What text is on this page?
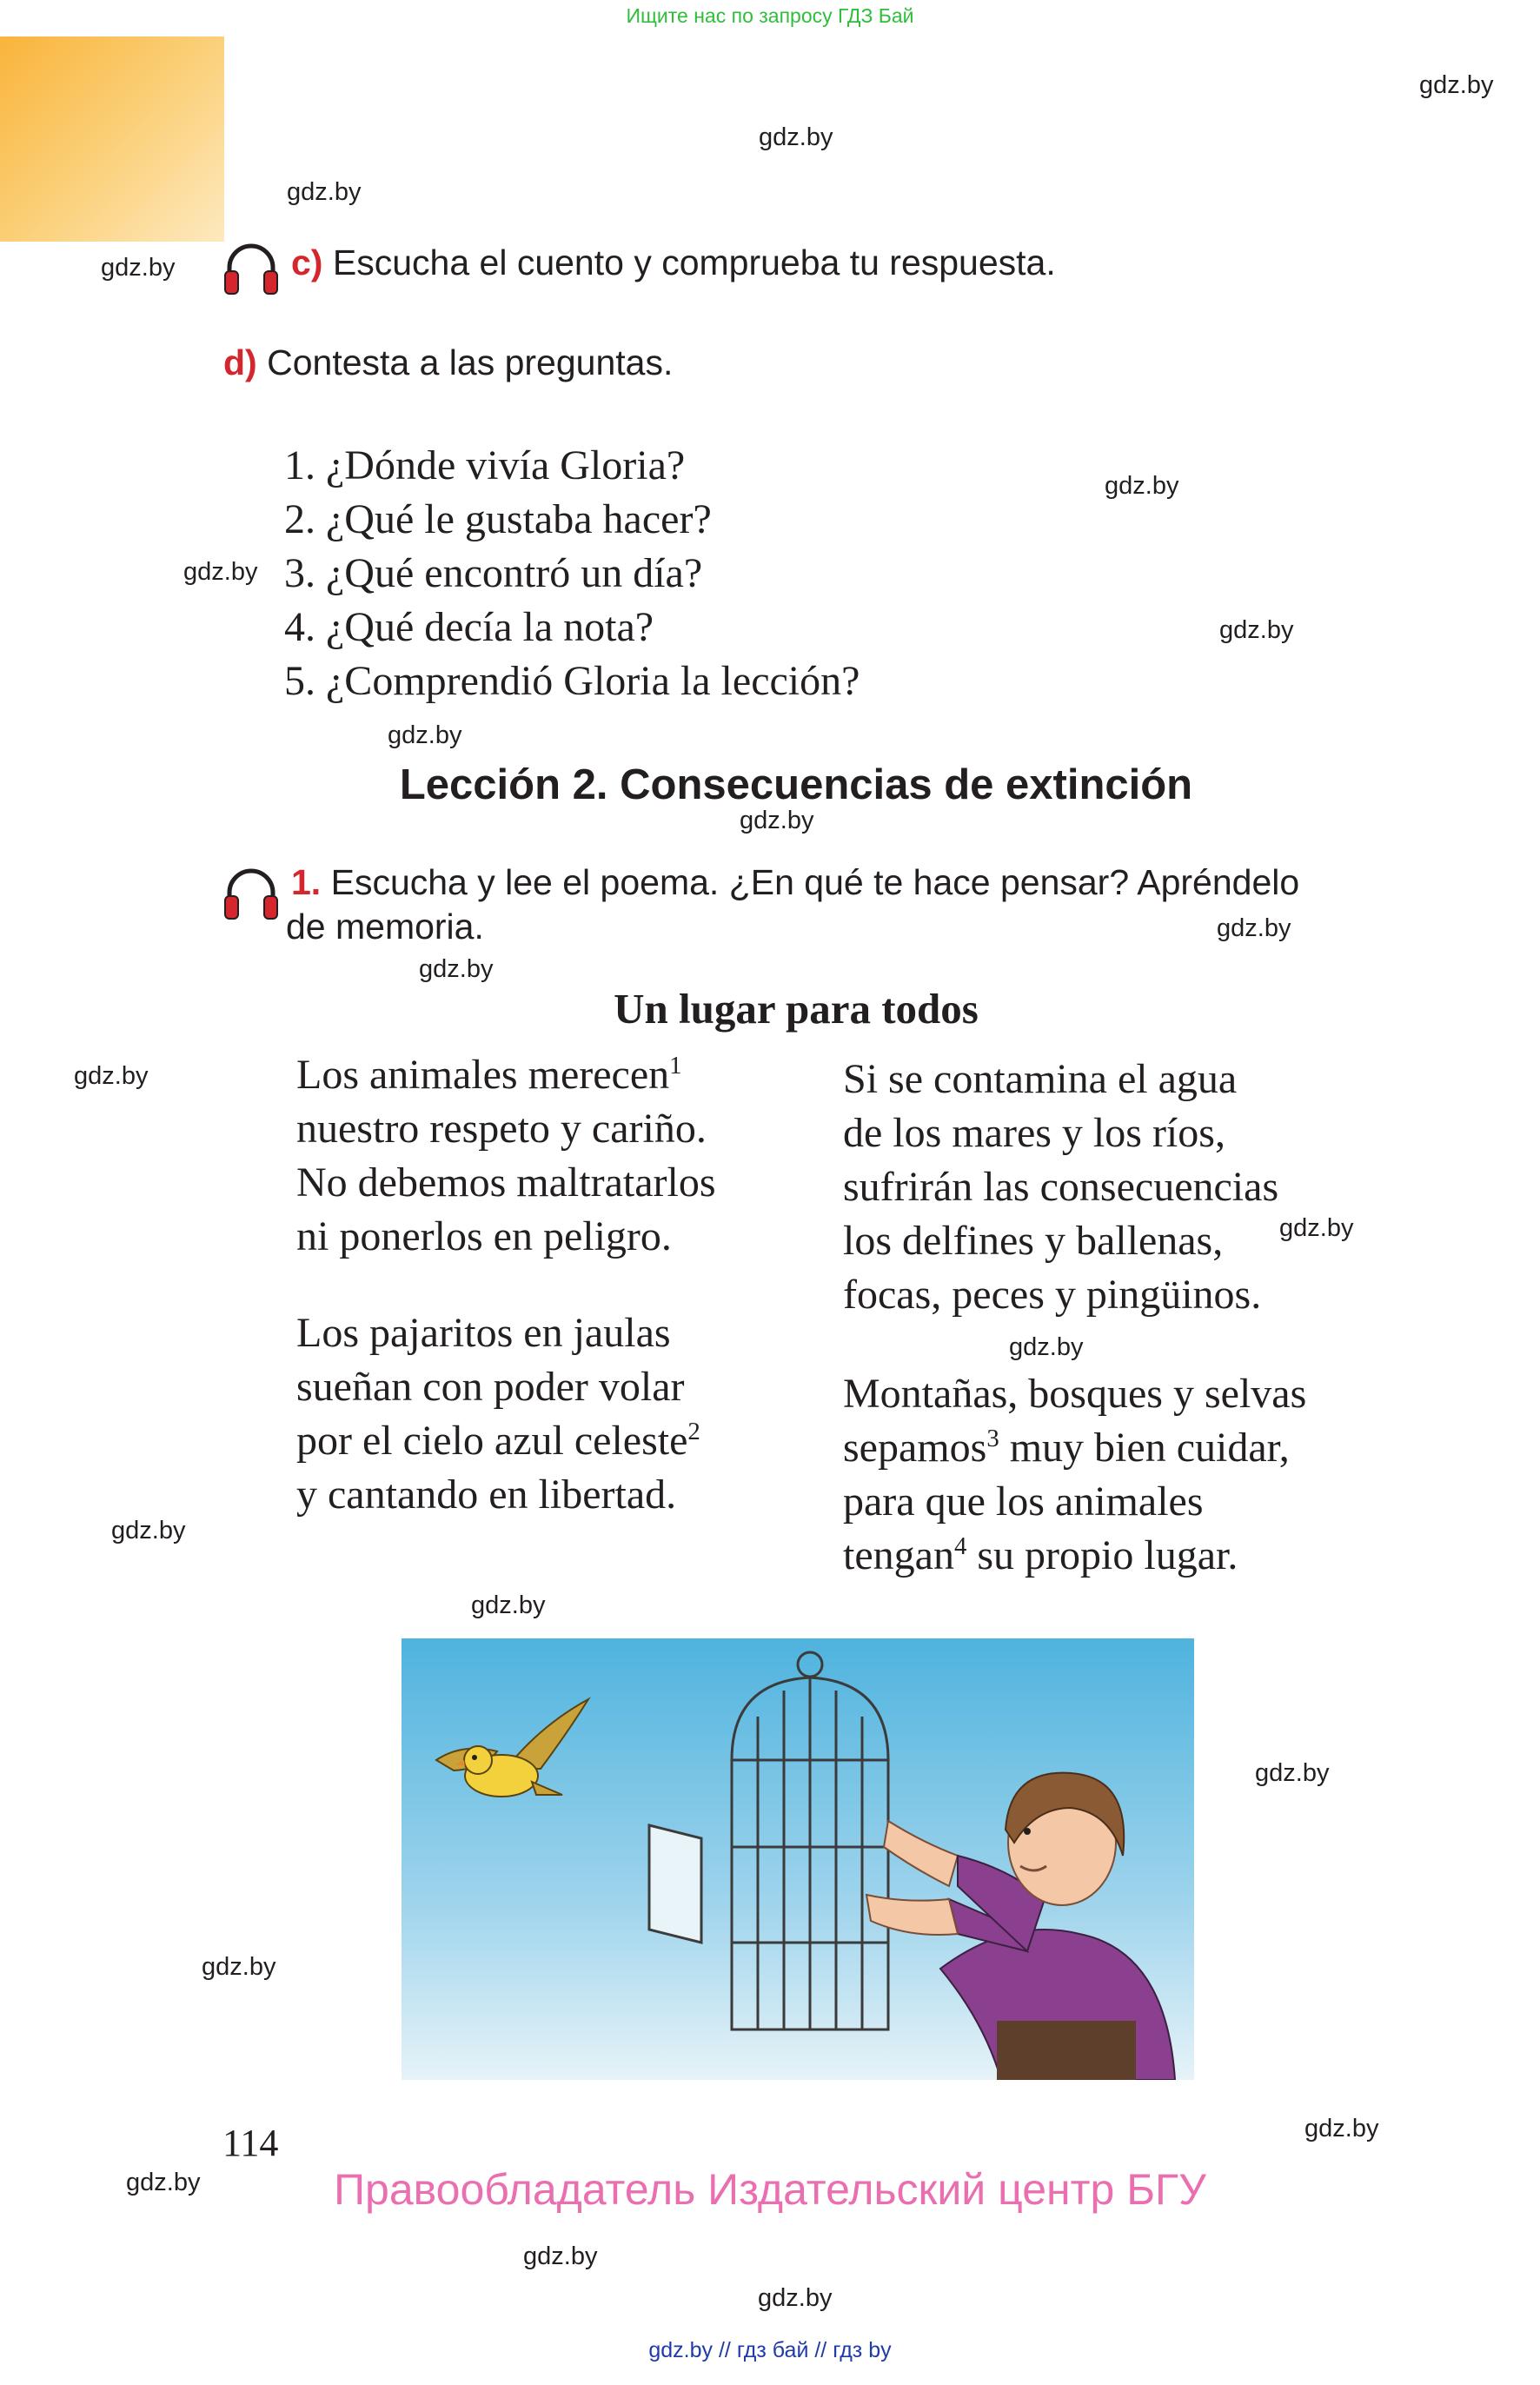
Ищите нас по запросу ГДЗ Бай
gdz.by
gdz.by
gdz.by
gdz.by
gdz.by
gdz.by
gdz.by
gdz.by
gdz.by
gdz.by
gdz.by
gdz.by
gdz.by
gdz.by
gdz.by
gdz.by
gdz.by
gdz.by
gdz.by
gdz.by
gdz.by
gdz.by
c) Escucha el cuento y comprueba tu respuesta.
d) Contesta a las preguntas.
1. ¿Dónde vivía Gloria?
2. ¿Qué le gustaba hacer?
3. ¿Qué encontró un día?
4. ¿Qué decía la nota?
5. ¿Comprendió Gloria la lección?
Lección 2. Consecuencias de extinción
1. Escucha y lee el poema. ¿En qué te hace pensar? Apréndelo
de memoria.
Un lugar para todos
Los animales merecen$^1$
nuestro respeto y cariño.
No debemos maltratarlos
ni ponerlos en peligro.
Los pajaritos en jaulas
sueñan con poder volar
por el cielo azul celeste$^2$
y cantando en libertad.
Si se contamina el agua
de los mares y los ríos,
sufrirán las consecuencias
los delfines y ballenas,
focas, peces y pingüinos.
Montañas, bosques y selvas
sepamos$^3$ muy bien cuidar,
para que los animales
tengan$^4$ su propio lugar.
114
Правообладатель Издательский центр БГУ
gdz.by // гдз бай // гдз by
